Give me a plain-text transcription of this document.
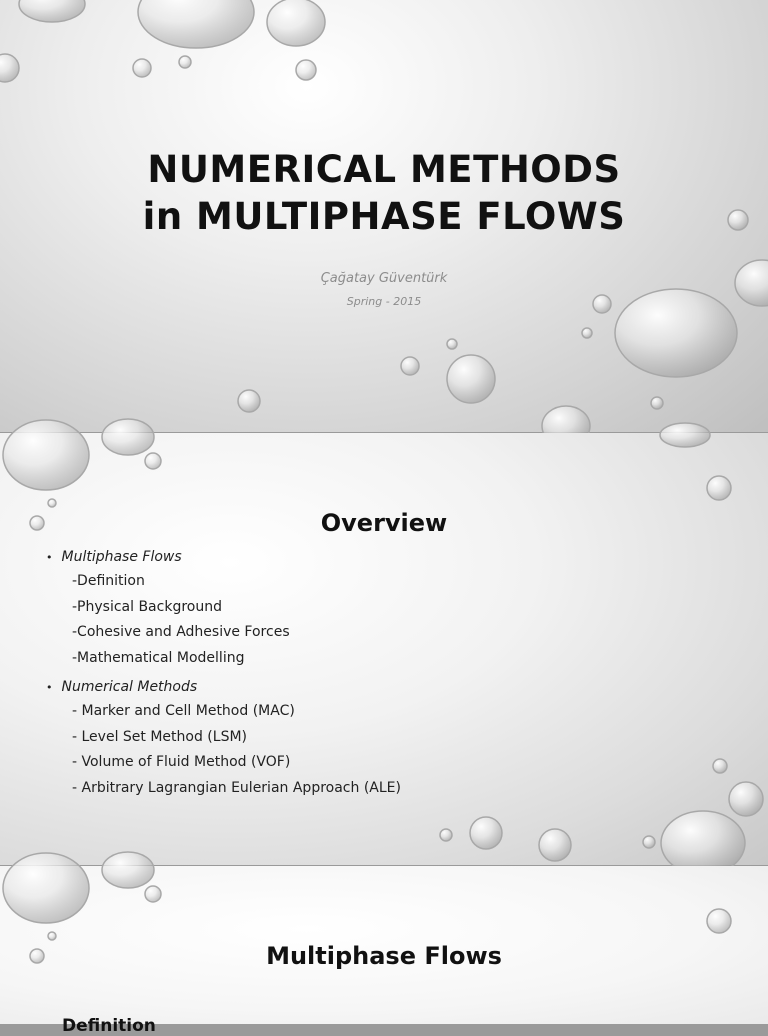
NUMERICAL METHODS
in MULTIPHASE FLOWS
Çağatay Güventürk
Spring - 2015
Overview
• Multiphase Flows
-Definition
-Physical Background
-Cohesive and Adhesive Forces
-Mathematical Modelling
• Numerical Methods
- Marker and Cell Method (MAC)
- Level Set Method (LSM)
- Volume of Fluid Method (VOF)
- Arbitrary Lagrangian Eulerian Approach (ALE)
Multiphase Flows
Definition
